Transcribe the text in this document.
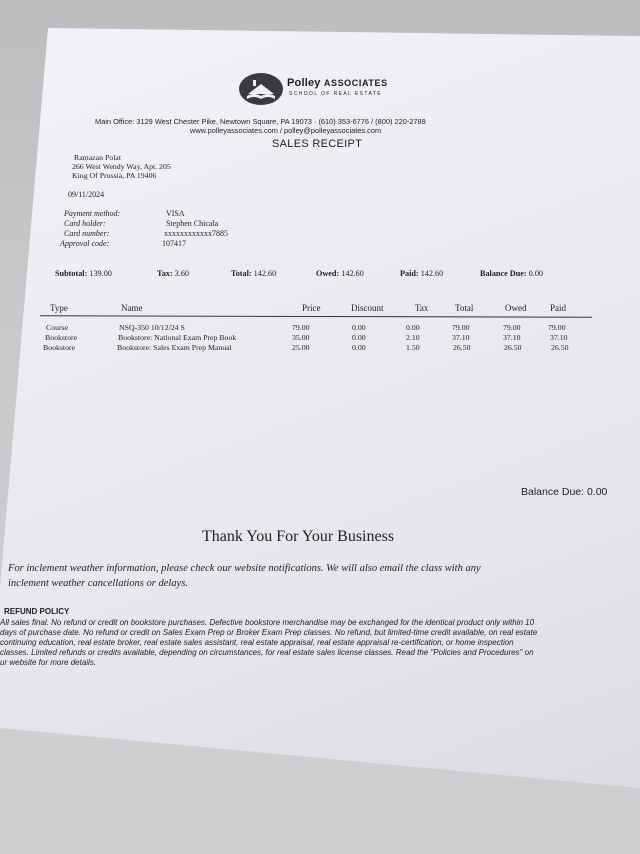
Polley ASSOCIATES
SCHOOL OF REAL ESTATE
Main Office: 3129 West Chester Pike, Newtown Square, PA 19073 · (610) 353-6776 / (800) 220-2789
www.polleyassociates.com / polley@polleyassociates.com
SALES RECEIPT
Ramazan Polat
266 West Wendy Way, Apt. 205
King Of Prussia, PA 19406
09/11/2024
Payment method:	VISA
Card holder:	Stephen Chicala
Card number:	xxxxxxxxxxxx7885
Approval code:	107417
Subtotal: 139.00	Tax: 3.60	Total: 142.60	Owed: 142.60	Paid: 142.60	Balance Due: 0.00
Type	Name	Price	Discount	Tax	Total	Owed	Paid
Course	NSQ-350 10/12/24 S	79.00	0.00	0.00	79.00	79.00	79.00
Bookstore	Bookstore: National Exam Prep Book	35.00	0.00	2.10	37.10	37.10	37.10
Bookstore	Bookstore: Sales Exam Prep Manual	25.00	0.00	1.50	26.50	26.50	26.50
Balance Due: 0.00
Thank You For Your Business
For inclement weather information, please check our website notifications. We will also email the class with any
inclement weather cancellations or delays.
REFUND POLICY
All sales final. No refund or credit on bookstore purchases. Defective bookstore merchandise may be exchanged for the identical product only within 10
days of purchase date. No refund or credit on Sales Exam Prep or Broker Exam Prep classes. No refund, but limited-time credit available, on real estate
continuing education, real estate broker, real estate sales assistant, real estate appraisal, real estate appraisal re-certification, or home inspection
classes. Limited refunds or credits available, depending on circumstances, for real estate sales license classes. Read the "Policies and Procedures" on
ur website for more details.
